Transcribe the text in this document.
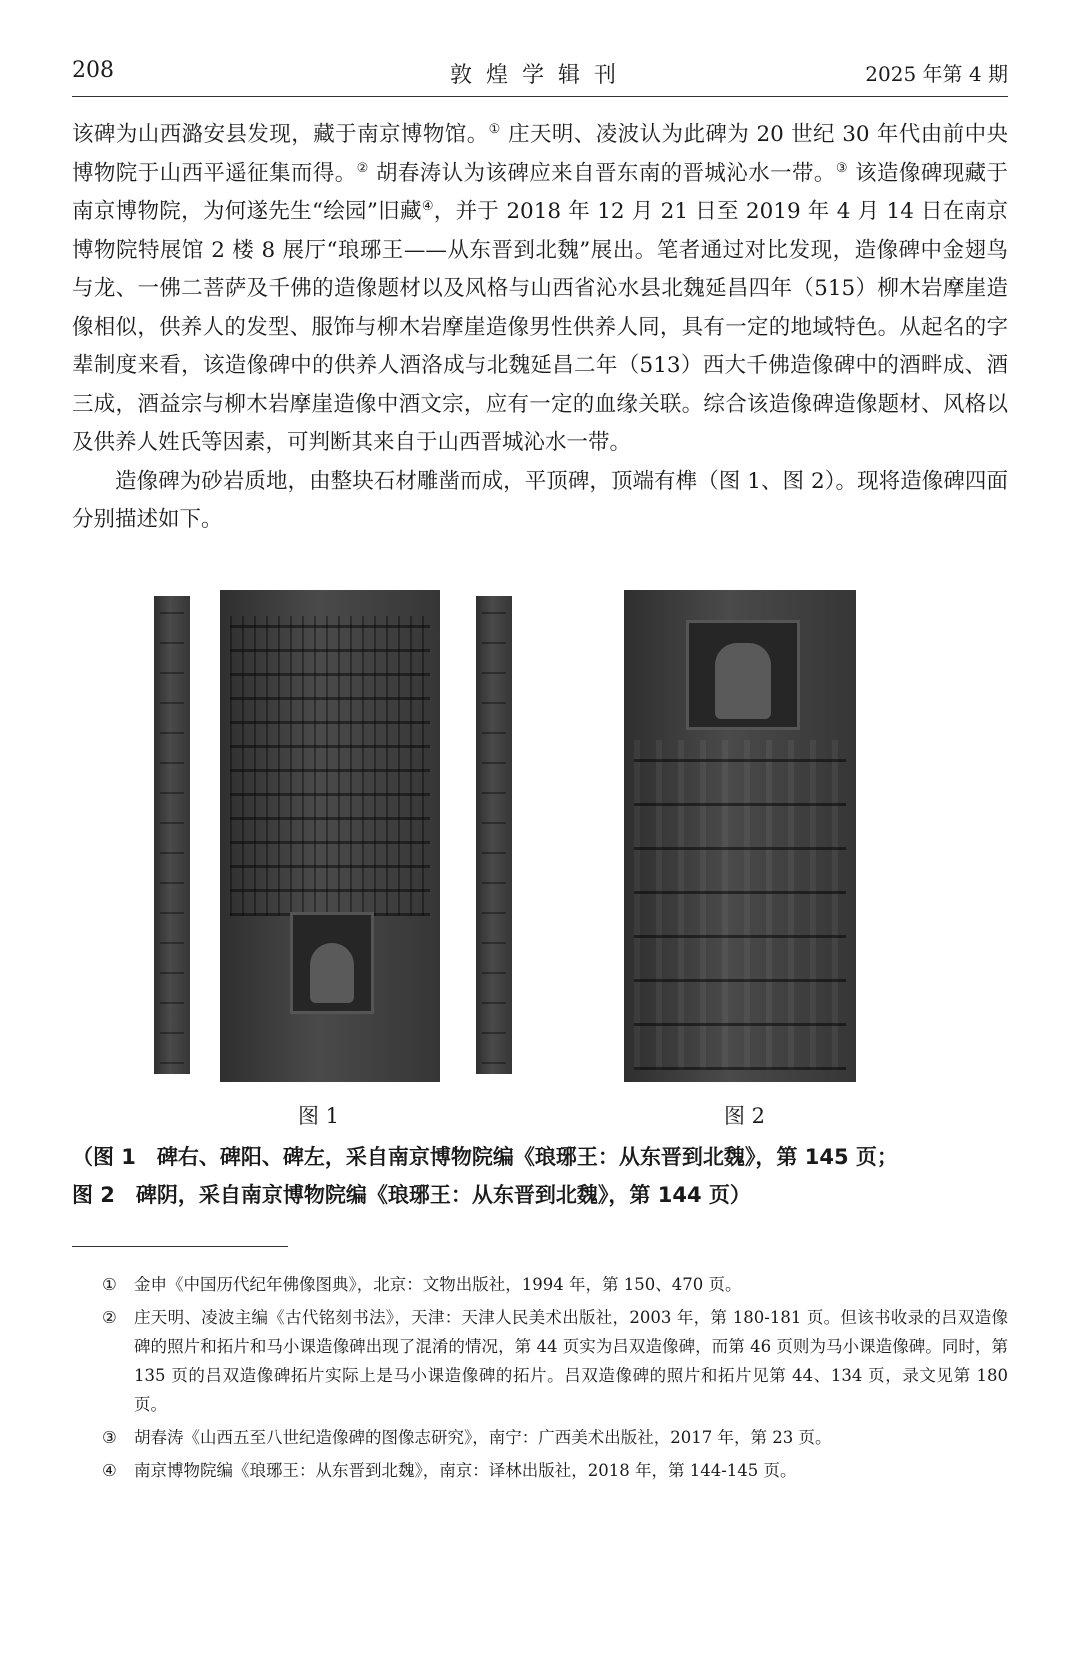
208	敦煌学辑刊	2025 年第 4 期

该碑为山西潞安县发现，藏于南京博物馆。① 庄天明、凌波认为此碑为 20 世纪 30 年代由前中央博物院于山西平遥征集而得。② 胡春涛认为该碑应来自晋东南的晋城沁水一带。③ 该造像碑现藏于南京博物院，为何遂先生“绘园”旧藏④，并于 2018 年 12 月 21 日至 2019 年 4 月 14 日在南京博物院特展馆 2 楼 8 展厅“琅琊王——从东晋到北魏”展出。笔者通过对比发现，造像碑中金翅鸟与龙、一佛二菩萨及千佛的造像题材以及风格与山西省沁水县北魏延昌四年（515）柳木岩摩崖造像相似，供养人的发型、服饰与柳木岩摩崖造像男性供养人同，具有一定的地域特色。从起名的字辈制度来看，该造像碑中的供养人酒洛成与北魏延昌二年（513）西大千佛造像碑中的酒畔成、酒三成，酒益宗与柳木岩摩崖造像中酒文宗，应有一定的血缘关联。综合该造像碑造像题材、风格以及供养人姓氏等因素，可判断其来自于山西晋城沁水一带。

造像碑为砂岩质地，由整块石材雕凿而成，平顶碑，顶端有榫（图 1、图 2）。现将造像碑四面分别描述如下。

图 1	图 2
（图 1　碑右、碑阳、碑左，采自南京博物院编《琅琊王：从东晋到北魏》，第 145 页；
图 2　碑阴，采自南京博物院编《琅琊王：从东晋到北魏》，第 144 页）
① 金申《中国历代纪年佛像图典》，北京：文物出版社，1994 年，第 150、470 页。
② 庄天明、凌波主编《古代铭刻书法》，天津：天津人民美术出版社，2003 年，第 180-181 页。但该书收录的吕双造像碑的照片和拓片和马小课造像碑出现了混淆的情况，第 44 页实为吕双造像碑，而第 46 页则为马小课造像碑。同时，第 135 页的吕双造像碑拓片实际上是马小课造像碑的拓片。吕双造像碑的照片和拓片见第 44、134 页，录文见第 180 页。
③ 胡春涛《山西五至八世纪造像碑的图像志研究》，南宁：广西美术出版社，2017 年，第 23 页。
④ 南京博物院编《琅琊王：从东晋到北魏》，南京：译林出版社，2018 年，第 144-145 页。
